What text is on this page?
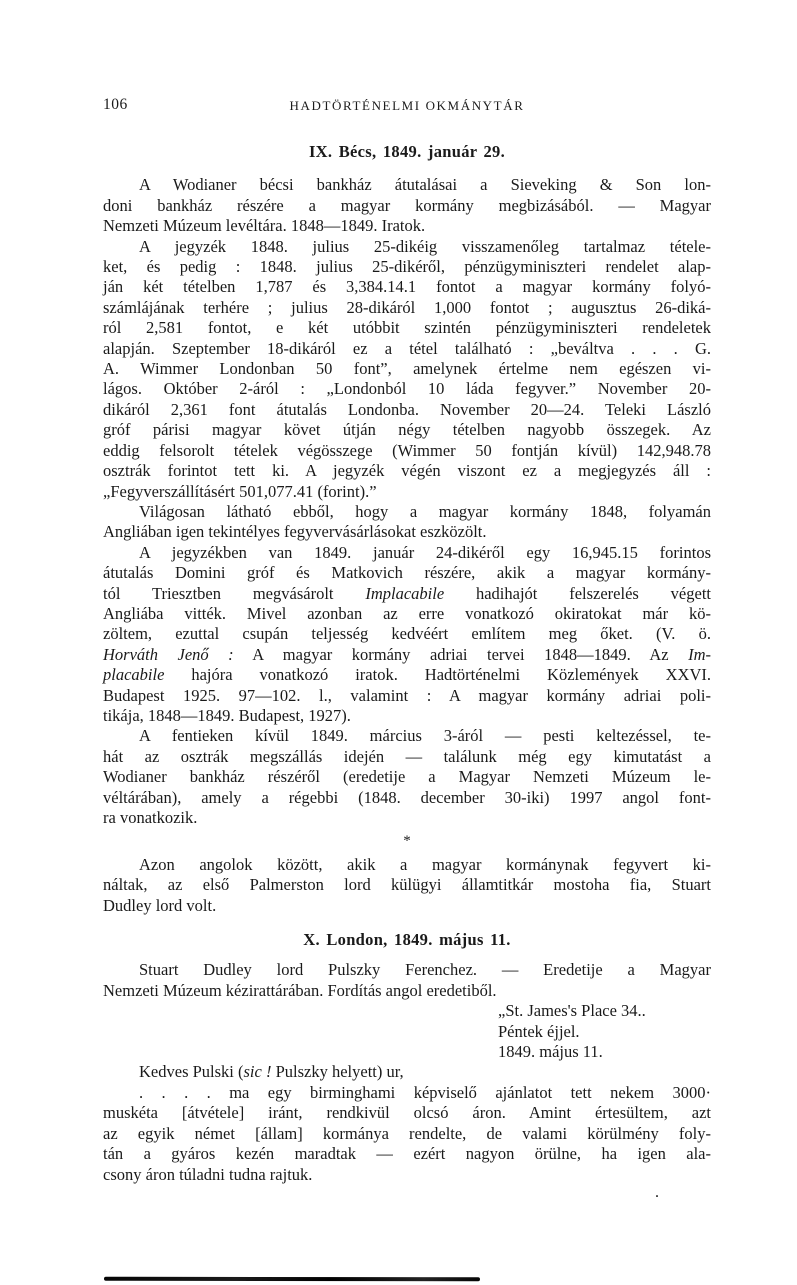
106	HADTÖRTÉNELMI OKMÁNYTÁR
IX. Bécs, 1849. január 29.
A Wodianer bécsi bankház átutalásai a Sieveking & Son lon-
doni bankház részére a magyar kormány megbizásából. — Magyar
Nemzeti Múzeum levéltára. 1848—1849. Iratok.
A jegyzék 1848. julius 25-dikéig visszamenőleg tartalmaz tétele-
ket, és pedig : 1848. julius 25-dikéről, pénzügyminiszteri rendelet alap-
ján két tételben 1,787 és 3,384.14.1 fontot a magyar kormány folyó-
számlájának terhére ; julius 28-dikáról 1,000 fontot ; augusztus 26-diká-
ról 2,581 fontot, e két utóbbit szintén pénzügyminiszteri rendeletek
alapján. Szeptember 18-dikáról ez a tétel található : „beváltva . . . G.
A. Wimmer Londonban 50 font”, amelynek értelme nem egészen vi-
lágos. Október 2-áról : „Londonból 10 láda fegyver.” November 20-
dikáról 2,361 font átutalás Londonba. November 20—24. Teleki László
gróf párisi magyar követ útján négy tételben nagyobb összegek. Az
eddig felsorolt tételek végösszege (Wimmer 50 fontján kívül) 142,948.78
osztrák forintot tett ki. A jegyzék végén viszont ez a megjegyzés áll :
„Fegyverszállításért 501,077.41 (forint).”
Világosan látható ebből, hogy a magyar kormány 1848, folyamán
Angliában igen tekintélyes fegyvervásárlásokat eszközölt.
A jegyzékben van 1849. január 24-dikéről egy 16,945.15 forintos
átutalás Domini gróf és Matkovich részére, akik a magyar kormány-
tól Triesztben megvásárolt Implacabile hadihajót felszerelés végett
Angliába vitték. Mivel azonban az erre vonatkozó okiratokat már kö-
zöltem, ezuttal csupán teljesség kedvéért említem meg őket. (V. ö.
Horváth Jenő : A magyar kormány adriai tervei 1848—1849. Az Im-
placabile hajóra vonatkozó iratok. Hadtörténelmi Közlemények XXVI.
Budapest 1925. 97—102. l., valamint : A magyar kormány adriai poli-
tikája, 1848—1849. Budapest, 1927).
A fentieken kívül 1849. március 3-áról — pesti keltezéssel, te-
hát az osztrák megszállás idején — találunk még egy kimutatást a
Wodianer bankház részéről (eredetije a Magyar Nemzeti Múzeum le-
véltárában), amely a régebbi (1848. december 30-iki) 1997 angol font-
ra vonatkozik.
*
Azon angolok között, akik a magyar kormánynak fegyvert ki-
náltak, az első Palmerston lord külügyi államtitkár mostoha fia, Stuart
Dudley lord volt.
X. London, 1849. május 11.
Stuart Dudley lord Pulszky Ferenchez. — Eredetije a Magyar
Nemzeti Múzeum kézirattárában. Fordítás angol eredetiből.
„St. James's Place 34..
Péntek éjjel.
1849. május 11.
Kedves Pulski (sic ! Pulszky helyett) ur,
. . . . ma egy birminghami képviselő ajánlatot tett nekem 3000·
muskéta [átvétele] iránt, rendkivül olcsó áron. Amint értesültem, azt
az egyik német [állam] kormánya rendelte, de valami körülmény foly-
tán a gyáros kezén maradtak — ezért nagyon örülne, ha igen ala-
csony áron túladni tudna rajtuk.
.
